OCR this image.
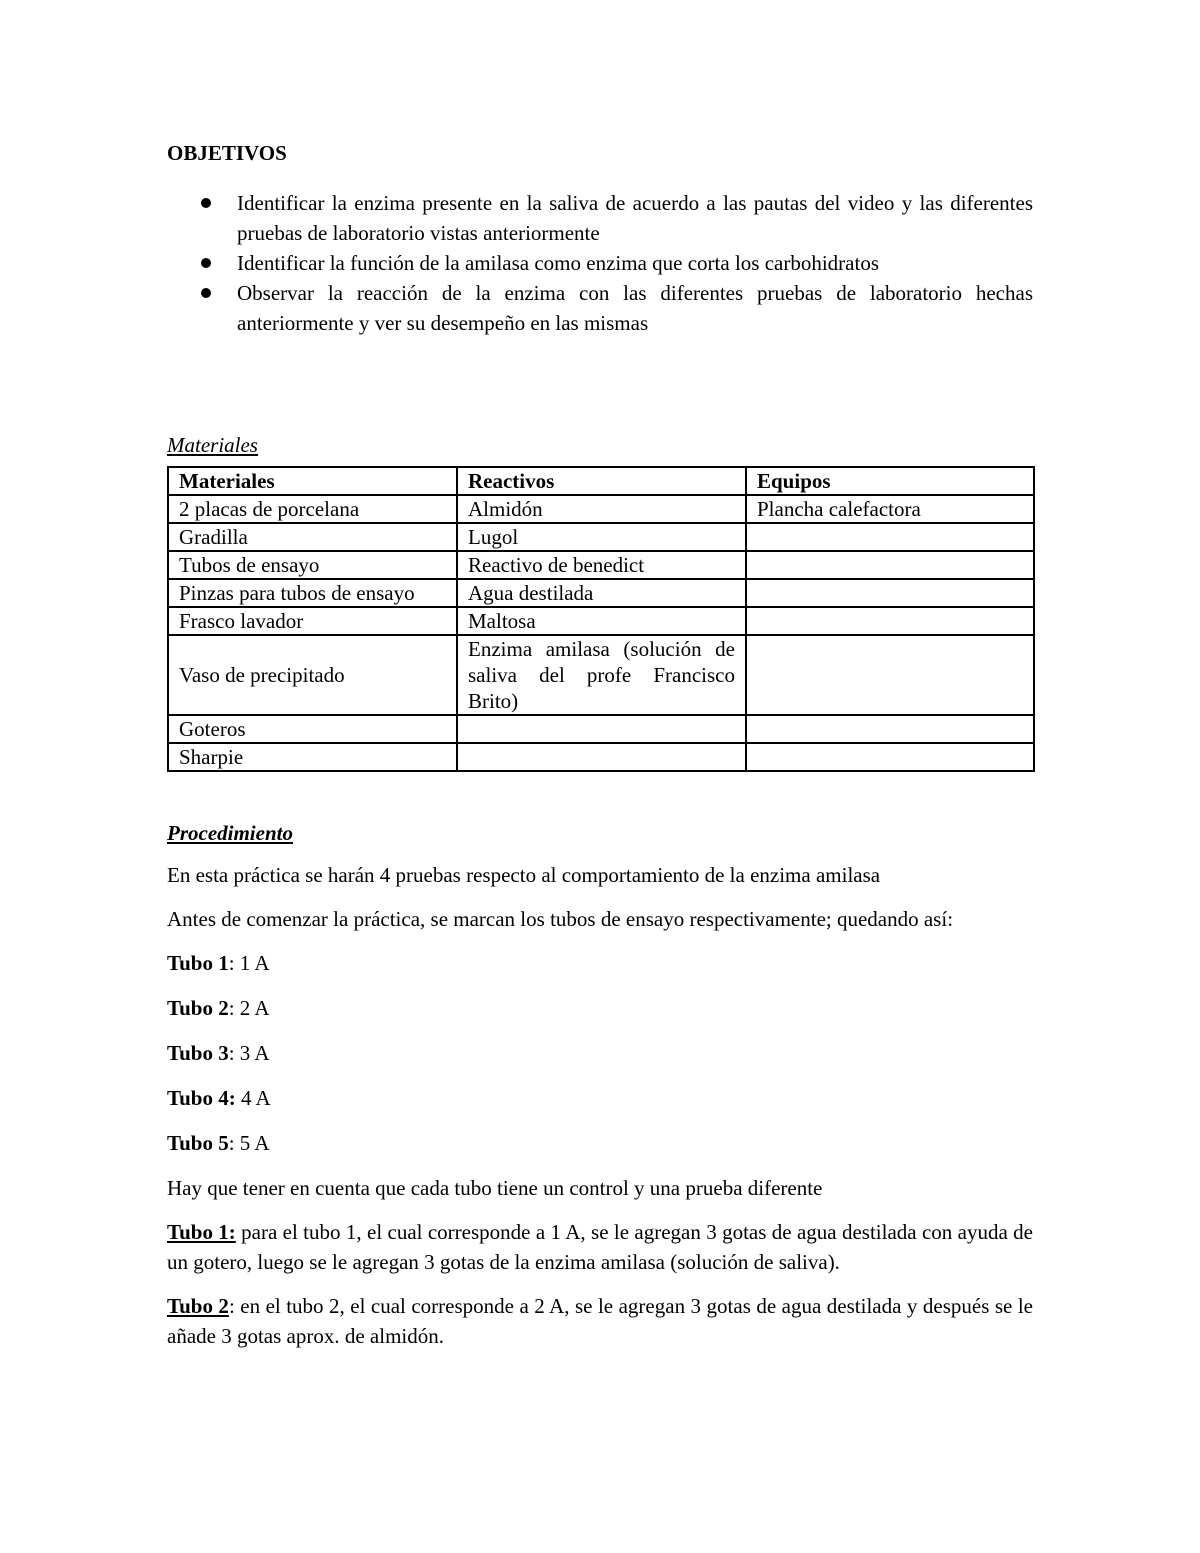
OBJETIVOS
Identificar la enzima presente en la saliva de acuerdo a las pautas del video y las diferentes pruebas de laboratorio vistas anteriormente
Identificar la función de la amilasa como enzima que corta los carbohidratos
Observar la reacción de la enzima con las diferentes pruebas de laboratorio hechas anteriormente y ver su desempeño en las mismas
Materiales
Materiales	Reactivos	Equipos
2 placas de porcelana	Almidón	Plancha calefactora
Gradilla	Lugol	
Tubos de ensayo	Reactivo de benedict	
Pinzas para tubos de ensayo	Agua destilada	
Frasco lavador	Maltosa	
Vaso de precipitado	Enzima amilasa (solución de saliva del profe Francisco Brito)	
Goteros		
Sharpie		
Procedimiento

En esta práctica se harán 4 pruebas respecto al comportamiento de la enzima amilasa

Antes de comenzar la práctica, se marcan los tubos de ensayo respectivamente; quedando así:

Tubo 1: 1 A

Tubo 2: 2 A

Tubo 3: 3 A

Tubo 4: 4 A

Tubo 5: 5 A

Hay que tener en cuenta que cada tubo tiene un control y una prueba diferente

Tubo 1: para el tubo 1, el cual corresponde a 1 A, se le agregan 3 gotas de agua destilada con ayuda de un gotero, luego se le agregan 3 gotas de la enzima amilasa (solución de saliva).

Tubo 2: en el tubo 2, el cual corresponde a 2 A, se le agregan 3 gotas de agua destilada y después se le añade 3 gotas aprox. de almidón.
